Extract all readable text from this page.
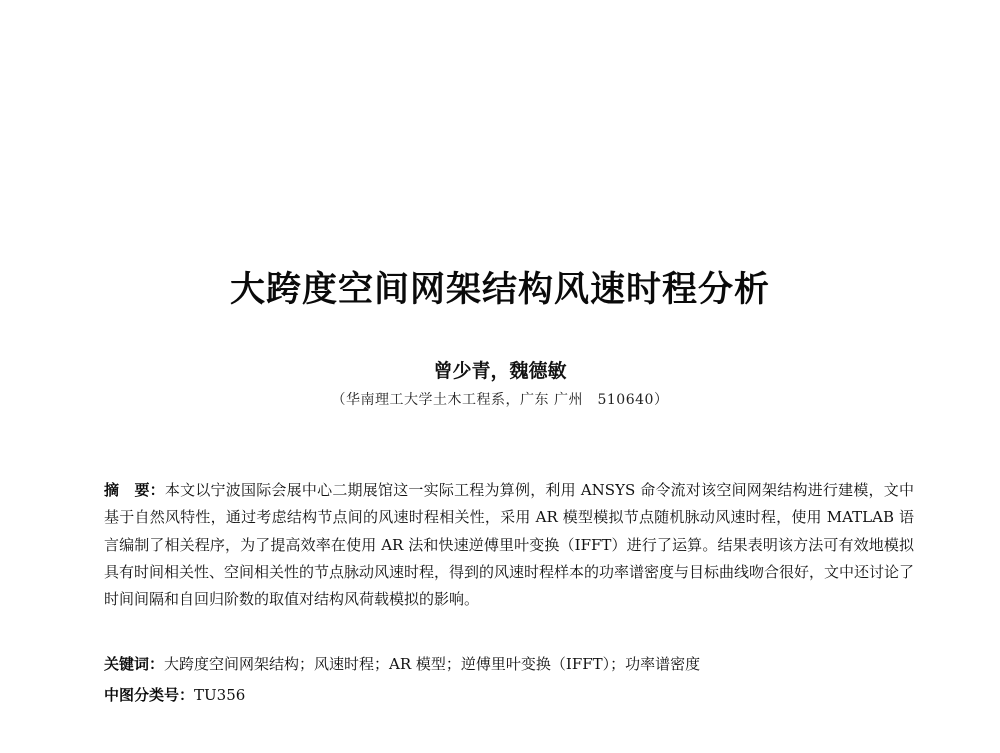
大跨度空间网架结构风速时程分析
曾少青，魏德敏
（华南理工大学土木工程系，广东 广州　510640）

摘　要：本文以宁波国际会展中心二期展馆这一实际工程为算例，利用 ANSYS 命令流对该空间网架结构进行建模，文中基于自然风特性，通过考虑结构节点间的风速时程相关性，采用 AR 模型模拟节点随机脉动风速时程，使用 MATLAB 语言编制了相关程序，为了提高效率在使用 AR 法和快速逆傅里叶变换（IFFT）进行了运算。结果表明该方法可有效地模拟具有时间相关性、空间相关性的节点脉动风速时程，得到的风速时程样本的功率谱密度与目标曲线吻合很好，文中还讨论了时间间隔和自回归阶数的取值对结构风荷载模拟的影响。

关键词：大跨度空间网架结构；风速时程；AR 模型；逆傅里叶变换（IFFT）；功率谱密度
中图分类号：TU356
